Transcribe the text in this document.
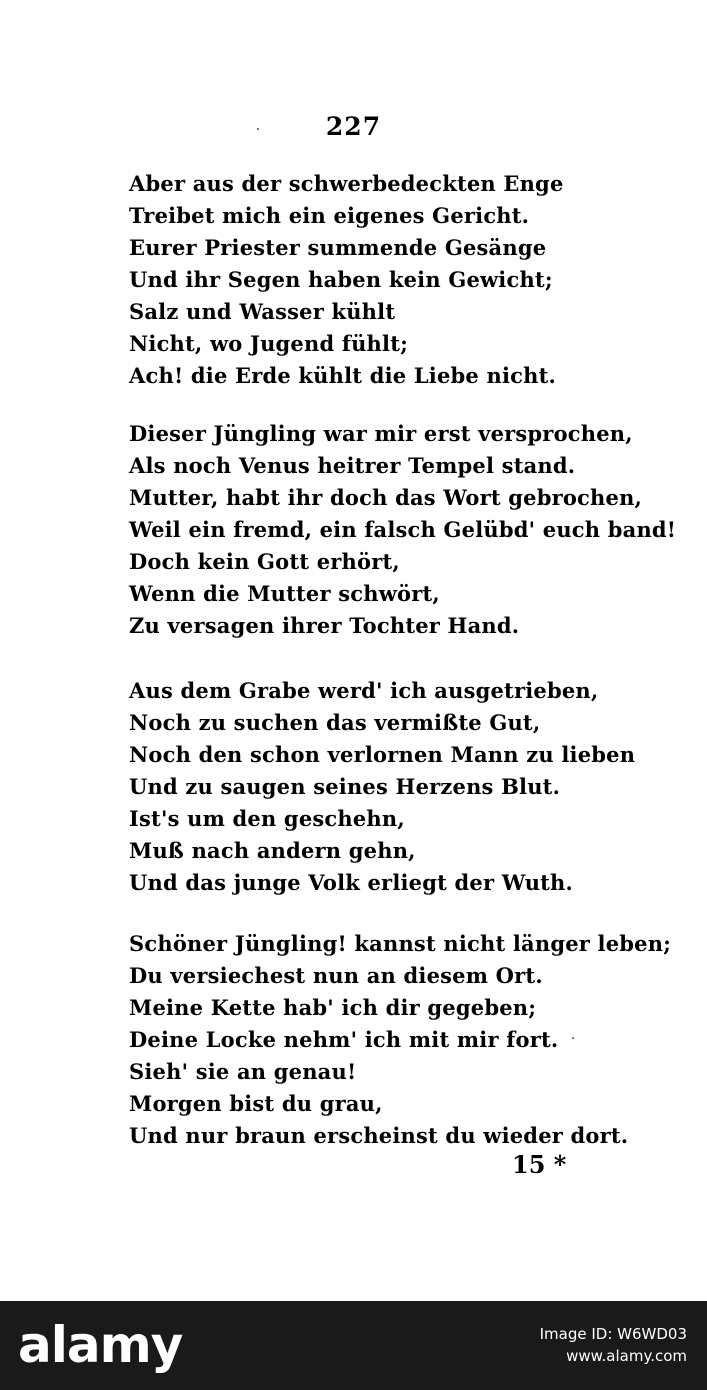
227
Aber aus der schwerbedeckten Enge
Treibet mich ein eigenes Gericht.
Eurer Priester summende Gesänge
Und ihr Segen haben kein Gewicht;
Salz und Wasser kühlt
Nicht, wo Jugend fühlt;
Ach! die Erde kühlt die Liebe nicht.
Dieser Jüngling war mir erst versprochen,
Als noch Venus heitrer Tempel stand.
Mutter, habt ihr doch das Wort gebrochen,
Weil ein fremd, ein falsch Gelübd' euch band!
Doch kein Gott erhört,
Wenn die Mutter schwört,
Zu versagen ihrer Tochter Hand.
Aus dem Grabe werd' ich ausgetrieben,
Noch zu suchen das vermißte Gut,
Noch den schon verlornen Mann zu lieben
Und zu saugen seines Herzens Blut.
Ist's um den geschehn,
Muß nach andern gehn,
Und das junge Volk erliegt der Wuth.
Schöner Jüngling! kannst nicht länger leben;
Du versiechest nun an diesem Ort.
Meine Kette hab' ich dir gegeben;
Deine Locke nehm' ich mit mir fort.
Sieh' sie an genau!
Morgen bist du grau,
Und nur braun erscheinst du wieder dort.
15 *
alamy	Image ID: W6WD03
www.alamy.com
